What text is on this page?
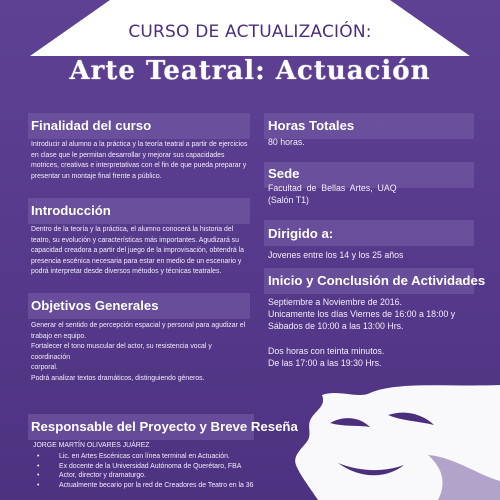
CURSO DE ACTUALIZACIÓN:
Arte Teatral: Actuación
Finalidad del curso
Introducir al alumno a la práctica y la teoría teatral a partir de ejercicios
en clase que le permitan desarrollar y mejorar sus capacidades
motrices, creativas e interpretativas con el fin de que pueda preparar y
presentar un montaje final frente a público.
Introducción
Dentro de la teoría y la práctica, el alumno conocerá la historia del
teatro, su evolución y características más importantes. Agudizará su
capacidad creadora a partir del juego de la improvisación, obtendrá la
presencia escénica necesaria para estar en medio de un escenario y
podrá interpretar desde diversos métodos y técnicas teatrales.
Objetivos Generales
Generar el sentido de percepción espacial y personal para agudizar el
trabajo en equipo.
Fortalecer el tono muscular del actor, su resistencia vocal y coordinación
corporal.
Podrá analizar textos dramáticos, distinguiendo géneros.
Responsable del Proyecto y Breve Reseña
JORGE MARTÍN OLIVARES JUÁREZ
• Lic. en Artes Escénicas con línea terminal en Actuación.
• Ex docente de la Universidad Autónoma de Querétaro, FBA
• Actor, director y dramaturgo.
• Actualmente becario por la red de Creadores de Teatro en la 36
Horas Totales
80 horas.
Sede
Facultad  de  Bellas  Artes,  UAQ
(Salón T1)
Dirigido a:
Jovenes entre los 14 y los 25 años
Inicio y Conclusión de Actividades
Septiembre a Noviembre de 2016.
Unicamente los días Viernes de 16:00 a 18:00 y
Sábados de 10:00 a las 13:00 Hrs.
Dos horas con teinta minutos.
De las 17:00 a las 19:30 Hrs.
